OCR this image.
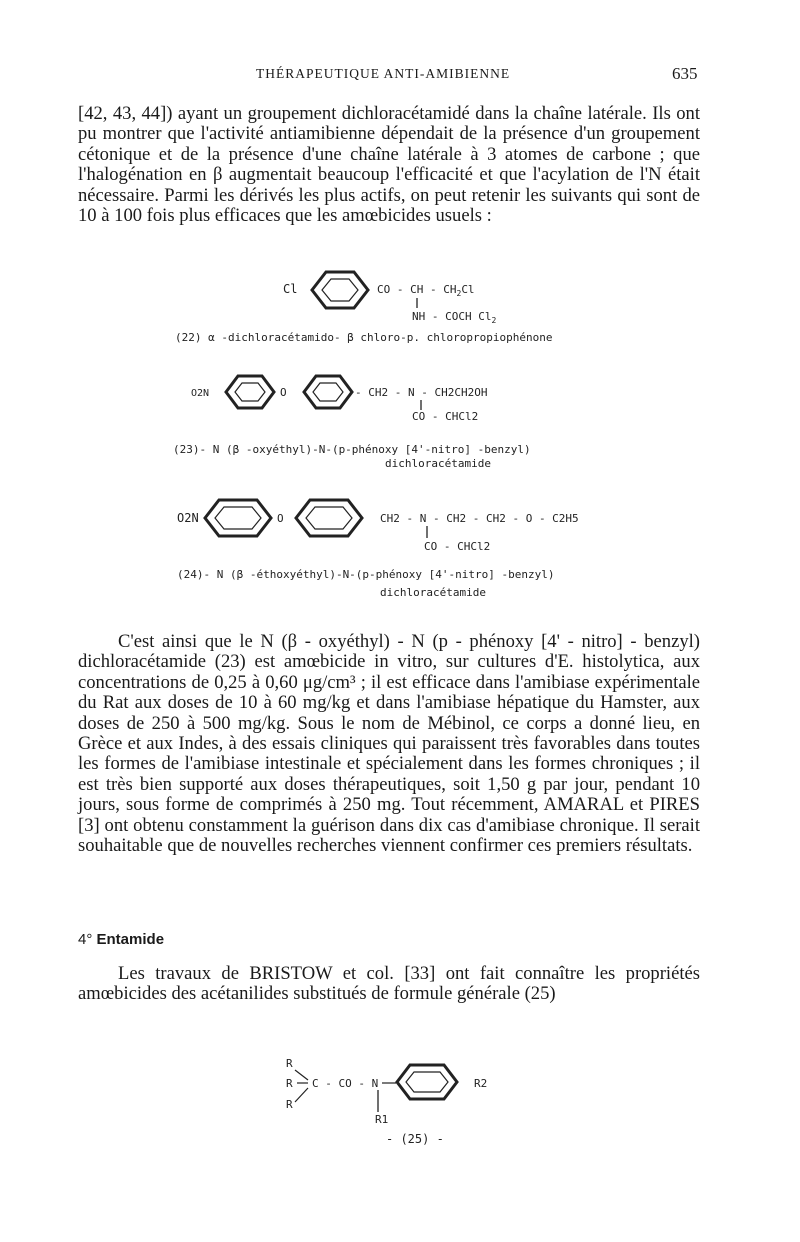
THÉRAPEUTIQUE ANTI-AMIBIENNE	635

[42, 43, 44]) ayant un groupement dichloracétamidé dans la chaîne latérale. Ils ont pu montrer que l'activité antiamibienne dépendait de la présence d'un groupement cétonique et de la présence d'une chaîne latérale à 3 atomes de carbone ; que l'halogénation en β augmentait beaucoup l'efficacité et que l'acylation de l'N était nécessaire. Parmi les dérivés les plus actifs, on peut retenir les suivants qui sont de 10 à 100 fois plus efficaces que les amœbicides usuels :

Cl	CO - CH - $CH_2Cl$
NH - COCH $Cl_2$
(22) α -dichloracétamido- β chloro-p. chloropropiophénone
O2N	O	- CH2 - N - CH2CH2OH
CO - CHCl2
(23)- N (β -oxyéthyl)-N-(p-phénoxy [4'-nitro] -benzyl)
dichloracétamide
O2N	O	CH2 - N - CH2 - CH2 - O - C2H5
CO - CHCl2
(24)- N (β -éthoxyéthyl)-N-(p-phénoxy [4'-nitro] -benzyl)
dichloracétamide

C'est ainsi que le N (β - oxyéthyl) - N (p - phénoxy [4' - nitro] - benzyl) dichloracétamide (23) est amœbicide in vitro, sur cultures d'E. histolytica, aux concentrations de 0,25 à 0,60 μg/cm³ ; il est efficace dans l'amibiase expérimentale du Rat aux doses de 10 à 60 mg/kg et dans l'amibiase hépatique du Hamster, aux doses de 250 à 500 mg/kg. Sous le nom de Mébinol, ce corps a donné lieu, en Grèce et aux Indes, à des essais cliniques qui paraissent très favorables dans toutes les formes de l'amibiase intestinale et spécialement dans les formes chroniques ; il est très bien supporté aux doses thérapeutiques, soit 1,50 g par jour, pendant 10 jours, sous forme de comprimés à 250 mg. Tout récemment, AMARAL et PIRES [3] ont obtenu constamment la guérison dans dix cas d'amibiase chronique. Il serait souhaitable que de nouvelles recherches viennent confirmer ces premiers résultats.

4° Entamide

Les travaux de BRISTOW et col. [33] ont fait connaître les propriétés amœbicides des acétanilides substitués de formule générale (25)

R
R
R
C - CO - N	R2
R1
- (25) -
